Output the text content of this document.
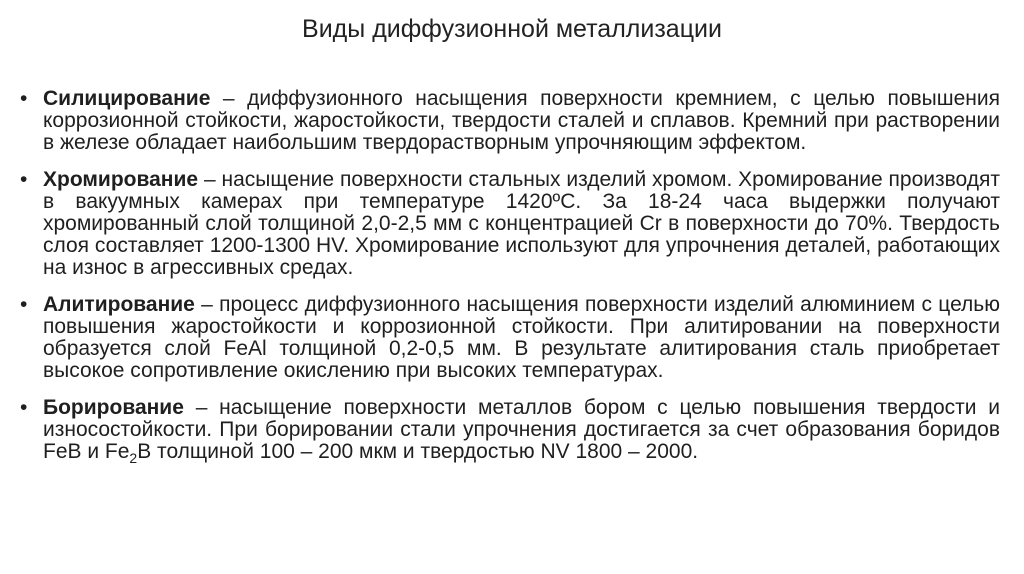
Виды диффузионной металлизации
• Силицирование – диффузионного насыщения поверхности кремнием, с целью повышения коррозионной стойкости, жаростойкости, твердости сталей и сплавов. Кремний при растворении в железе обладает наибольшим твердорастворным упрочняющим эффектом.
• Хромирование – насыщение поверхности стальных изделий хромом. Хромирование производят в вакуумных камерах при температуре 1420ºС. За 18-24 часа выдержки получают хромированный слой толщиной 2,0-2,5 мм с концентрацией Cr в поверхности до 70%. Твердость слоя составляет 1200-1300 HV. Хромирование используют для упрочнения деталей, работающих на износ в агрессивных средах.
• Алитирование – процесс диффузионного насыщения поверхности изделий алюминием с целью повышения жаростойкости и коррозионной стойкости. При алитировании на поверхности образуется слой FeAl толщиной 0,2-0,5 мм. В результате алитирования сталь приобретает высокое сопротивление окислению при высоких температурах.
• Борирование – насыщение поверхности металлов бором с целью повышения твердости и износостойкости. При борировании стали упрочнения достигается за счет образования боридов FeB и $Fe_2B$ толщиной 100 – 200 мкм и твердостью NV 1800 – 2000.
